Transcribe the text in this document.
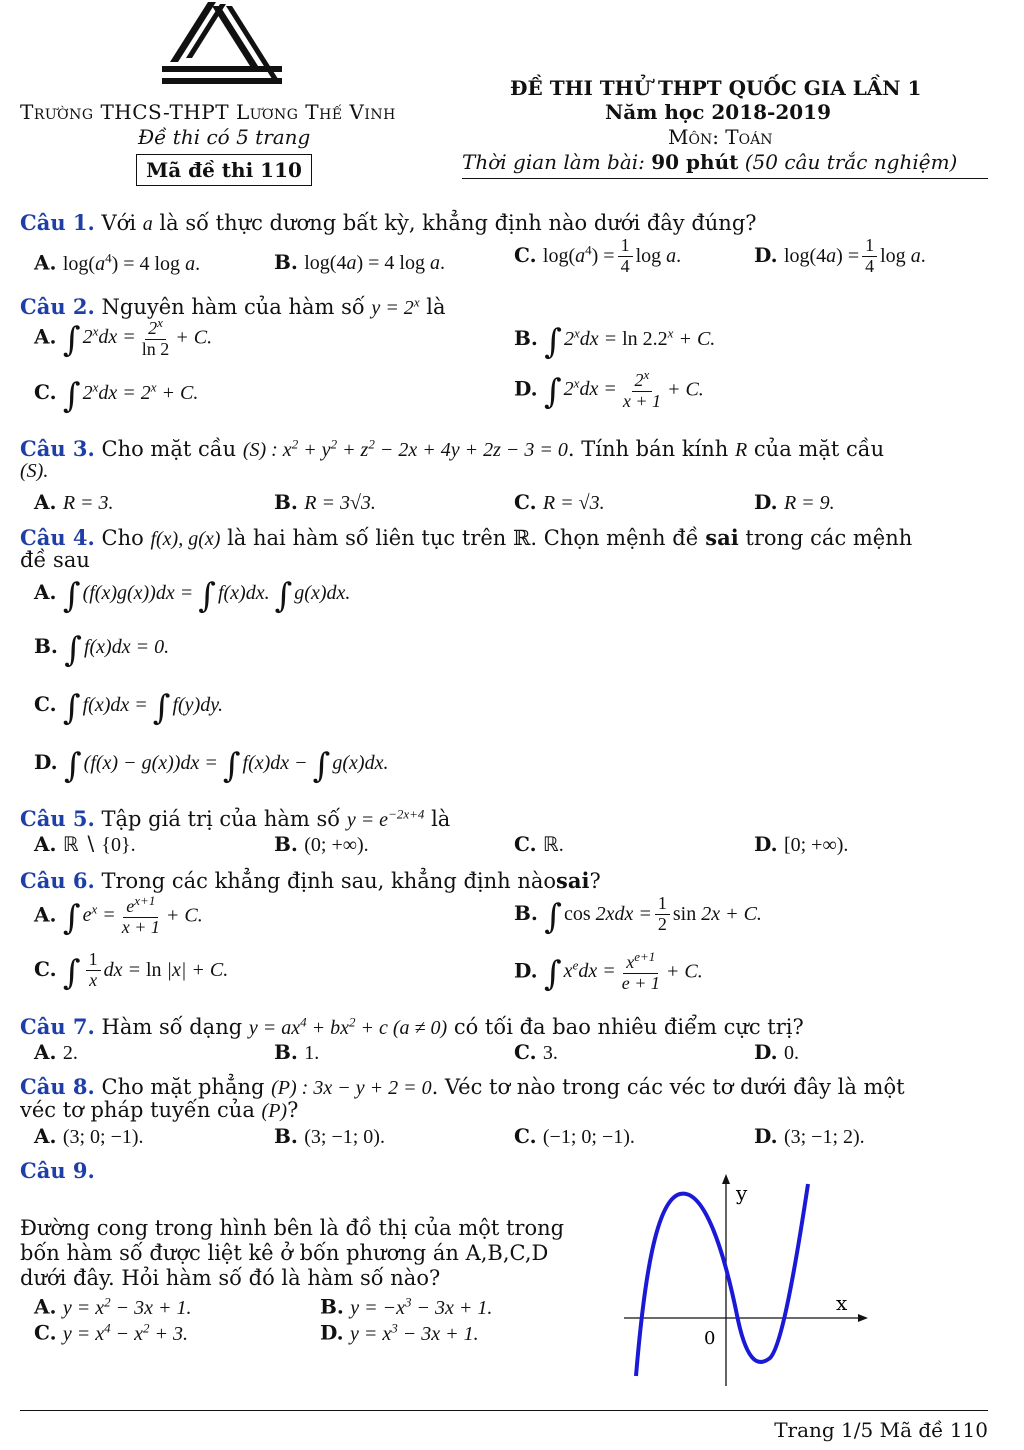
ĐỀ THI THỬ THPT QUỐC GIA LẦN 1
Trường THCS-THPT Lương Thế Vinh	Năm học 2018-2019
Đề thi có 5 trang	Môn: Toán
Mã đề thi 110	Thời gian làm bài: 90 phút (50 câu trắc nghiệm)
Câu 1. Với a là số thực dương bất kỳ, khẳng định nào dưới đây đúng?
A. $\log(a^4) = 4$ log a.	B. log(4a) = 4 log a.	C. $\log(a^4) = \frac{1}{4}$ log a.	D. $\log(4a) = \frac{1}{4}$ log a.
Câu 2. Nguyên hàm của hàm số $y = 2^x$ là
A. ∫ $2^xdx = \frac{2^x}{\ln 2} + C$.	B. ∫ $2^xdx = \ln 2.2^x + C$.
C. ∫ $2^xdx = 2^x + C$.	D. ∫ $2^xdx = \frac{2^x}{x + 1} + C$.
Câu 3. Cho mặt cầu (S) : $x^2 + y^2 + z^2 - 2x + 4y + 2z - 3 = 0$. Tính bán kính R của mặt cầu
(S).
A. R = 3.	B. R = 3√3.	C. R = √3.	D. R = 9.
Câu 4. Cho f(x), g(x) là hai hàm số liên tục trên ℝ. Chọn mệnh đề sai trong các mệnh
đề sau
A. ∫ (f(x)g(x))dx = ∫ f(x)dx. ∫ g(x)dx.
B. ∫ f(x)dx = 0.
C. ∫ f(x)dx = ∫ f(y)dy.
D. ∫ (f(x) − g(x))dx = ∫ f(x)dx − ∫ g(x)dx.
Câu 5. Tập giá trị của hàm số $y = e^{-2x+4}$ là
A. ℝ ∖ {0}.	B. (0; +∞).	C. ℝ.	D. [0; +∞).
Câu 6. Trong các khẳng định sau, khẳng định nàosai?
A. ∫ $e^x = \frac{e^{x+1}}{x + 1} + C$.	B. ∫ $\cos 2xdx = \frac{1}{2}$ sin 2x + C.
C. ∫ $\frac{1}{x}$ dx = ln |x| + C.	D. ∫ $x^edx = \frac{x^{e+1}}{e + 1} + C$.
Câu 7. Hàm số dạng $y = ax^4 + bx^2 + c$ (a ≠ 0) có tối đa bao nhiêu điểm cực trị?
A. 2.	B. 1.	C. 3.	D. 0.
Câu 8. Cho mặt phẳng (P) : 3x − y + 2 = 0. Véc tơ nào trong các véc tơ dưới đây là một
véc tơ pháp tuyến của (P)?
A. (3; 0; −1).	B. (3; −1; 0).	C. (−1; 0; −1).	D. (3; −1; 2).
Câu 9.
Đường cong trong hình bên là đồ thị của một trong
bốn hàm số được liệt kê ở bốn phương án A,B,C,D
dưới đây. Hỏi hàm số đó là hàm số nào?
A. $y = x^2 - 3x + 1$.	B. $y = -x^3 - 3x + 1$.
C. $y = x^4 - x^2 + 3$.	D. $y = x^3 - 3x + 1$.
y
x
0
Trang 1/5 Mã đề 110
